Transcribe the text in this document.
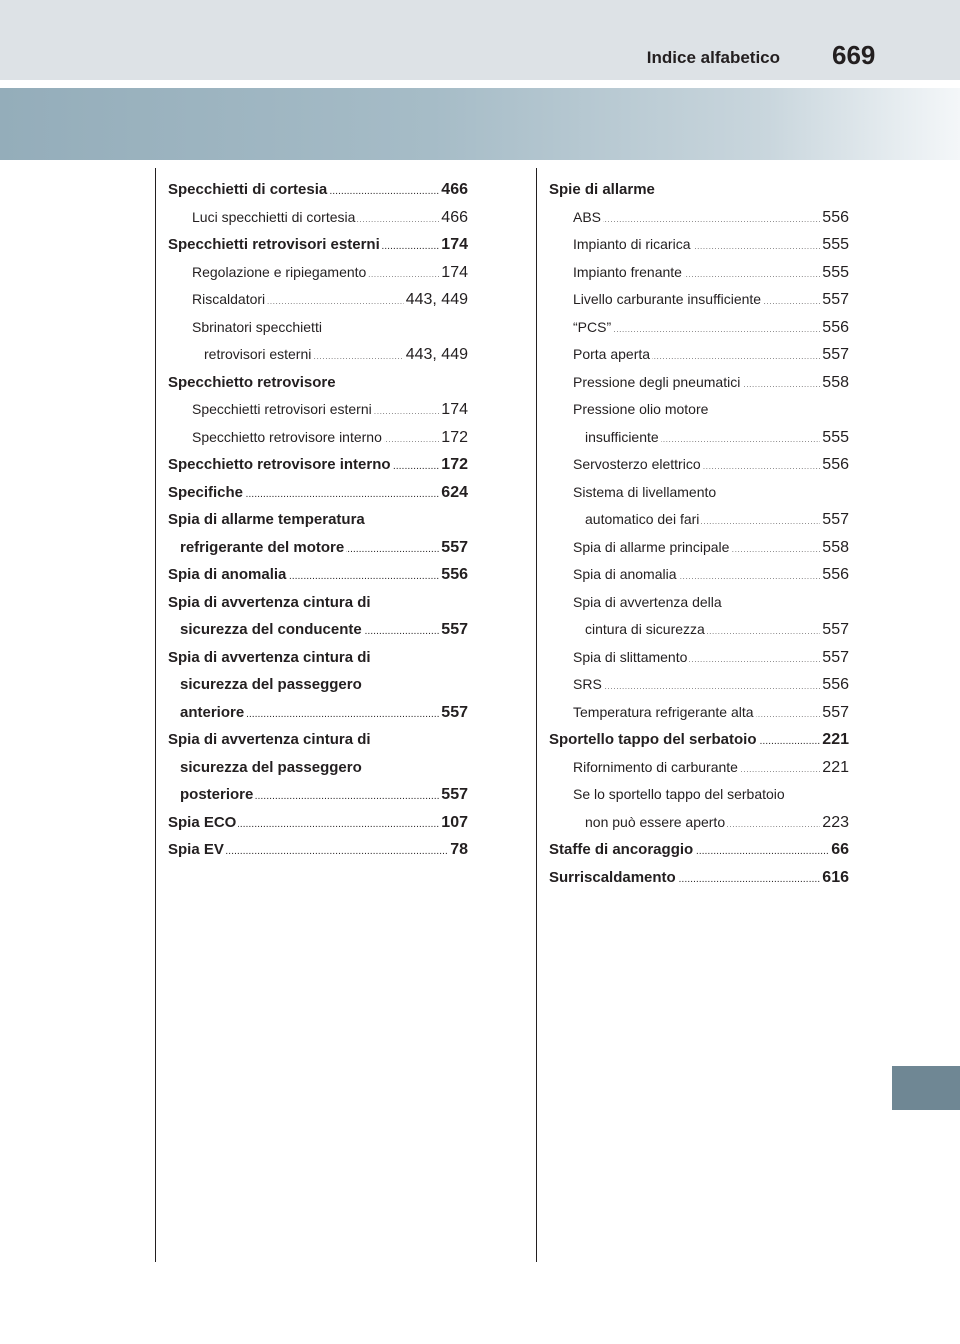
Indice alfabetico 669
. . .
Specchietti di cortesia	466
. . .
Luci specchietti di cortesia	466
. . .
Specchietti retrovisori esterni	174
. . .
Regolazione e ripiegamento	174
. . .
Riscaldatori	443, 449
Sbrinatori specchietti
. . .
retrovisori esterni	443, 449
Specchietto retrovisore
. . .
Specchietti retrovisori esterni	174
. . .
Specchietto retrovisore interno	172
. . .
Specchietto retrovisore interno	172
. . .
Specifiche	624
Spia di allarme temperatura
. . .
refrigerante del motore	557
. . .
Spia di anomalia	556
Spia di avvertenza cintura di
. . .
sicurezza del conducente	557
Spia di avvertenza cintura di
sicurezza del passeggero
. . .
anteriore	557
Spia di avvertenza cintura di
sicurezza del passeggero
. . .
posteriore	557
. . .
Spia ECO	107
. . .
Spia EV	78
Spie di allarme
. . .
ABS	556
. . .
Impianto di ricarica	555
. . .
Impianto frenante	555
. . .
Livello carburante insufficiente	557
. . .
“PCS”	556
. . .
Porta aperta	557
. . .
Pressione degli pneumatici	558
Pressione olio motore
. . .
insufficiente	555
. . .
Servosterzo elettrico	556
Sistema di livellamento
. . .
automatico dei fari	557
. . .
Spia di allarme principale	558
. . .
Spia di anomalia	556
Spia di avvertenza della
. . .
cintura di sicurezza	557
. . .
Spia di slittamento	557
. . .
SRS	556
. . .
Temperatura refrigerante alta	557
. . .
Sportello tappo del serbatoio	221
. . .
Rifornimento di carburante	221
Se lo sportello tappo del serbatoio
. . .
non può essere aperto	223
. . .
Staffe di ancoraggio	66
. . .
Surriscaldamento	616
